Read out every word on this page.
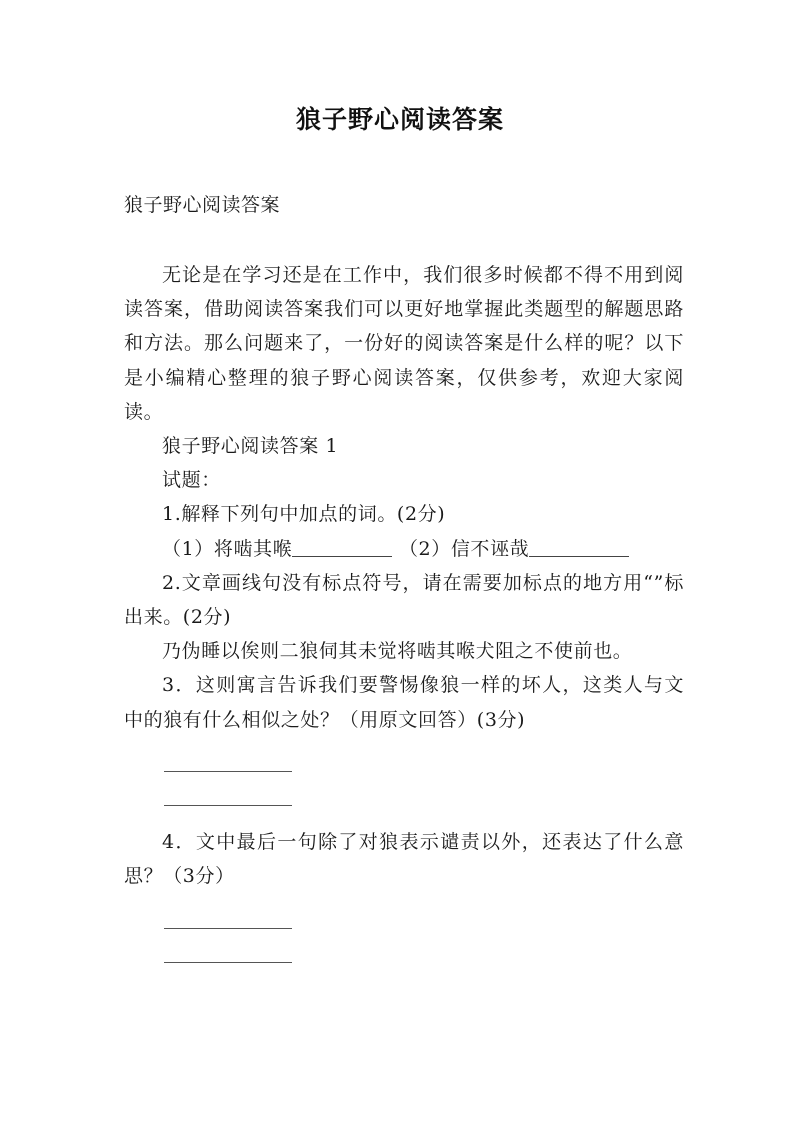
狼子野心阅读答案
狼子野心阅读答案

无论是在学习还是在工作中，我们很多时候都不得不用到阅读答案，借助阅读答案我们可以更好地掌握此类题型的解题思路和方法。那么问题来了，一份好的阅读答案是什么样的呢？以下是小编精心整理的狼子野心阅读答案，仅供参考，欢迎大家阅读。

狼子野心阅读答案 1

试题：

1.解释下列句中加点的词。(2分)

（1）将啮其喉	（2）信不诬哉

2.文章画线句没有标点符号，请在需要加标点的地方用“”标出来。(2分)

乃伪睡以俟则二狼伺其未觉将啮其喉犬阻之不使前也。

3．这则寓言告诉我们要警惕像狼一样的坏人，这类人与文中的狼有什么相似之处？（用原文回答）(3分)

4．文中最后一句除了对狼表示谴责以外，还表达了什么意思？（3分）
